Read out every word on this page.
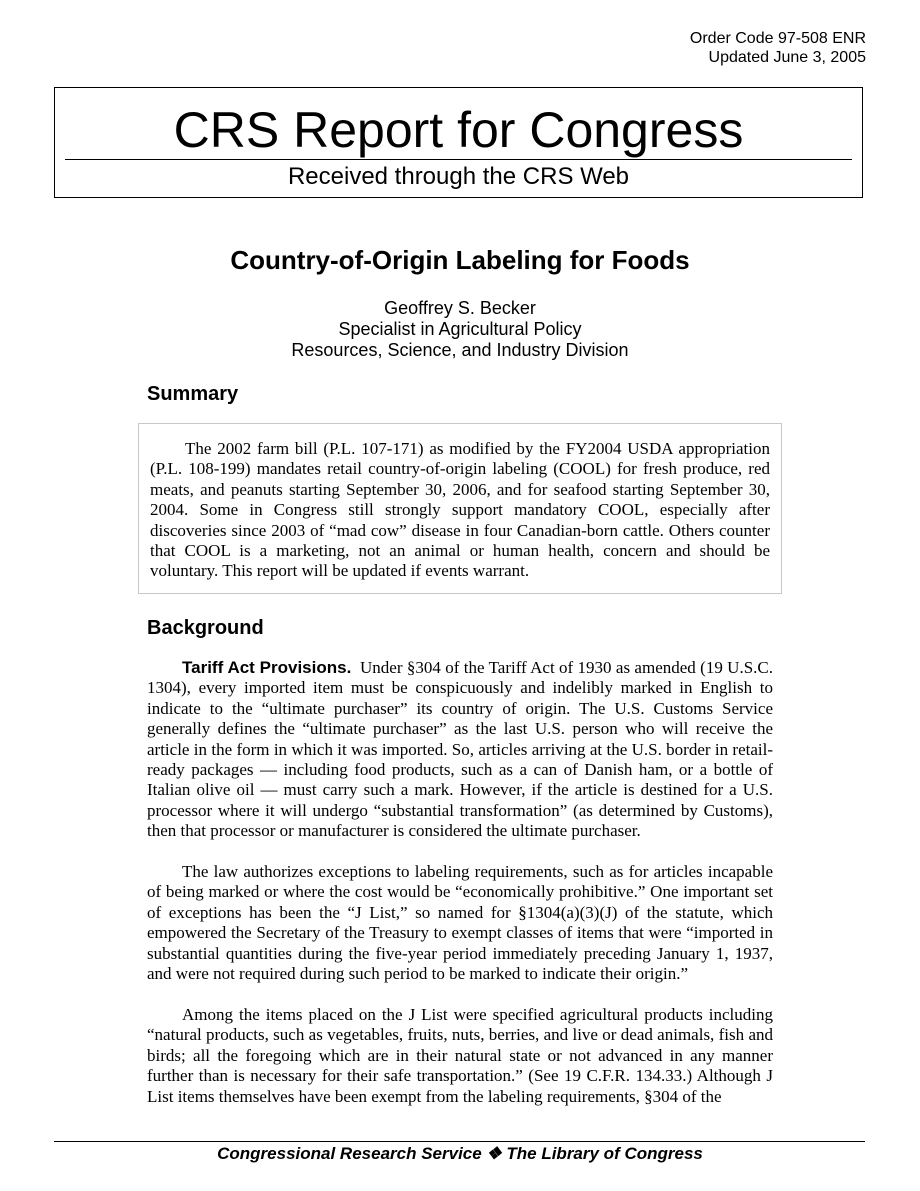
Order Code 97-508 ENR
Updated June 3, 2005
CRS Report for Congress
Received through the CRS Web
Country-of-Origin Labeling for Foods
Geoffrey S. Becker
Specialist in Agricultural Policy
Resources, Science, and Industry Division
Summary

The 2002 farm bill (P.L. 107-171) as modified by the FY2004 USDA appropriation (P.L. 108-199) mandates retail country-of-origin labeling (COOL) for fresh produce, red meats, and peanuts starting September 30, 2006, and for seafood starting September 30, 2004. Some in Congress still strongly support mandatory COOL, especially after discoveries since 2003 of “mad cow” disease in four Canadian-born cattle. Others counter that COOL is a marketing, not an animal or human health, concern and should be voluntary. This report will be updated if events warrant.

Background

Tariff Act Provisions. Under §304 of the Tariff Act of 1930 as amended (19 U.S.C. 1304), every imported item must be conspicuously and indelibly marked in English to indicate to the “ultimate purchaser” its country of origin. The U.S. Customs Service generally defines the “ultimate purchaser” as the last U.S. person who will receive the article in the form in which it was imported. So, articles arriving at the U.S. border in retail-ready packages — including food products, such as a can of Danish ham, or a bottle of Italian olive oil — must carry such a mark. However, if the article is destined for a U.S. processor where it will undergo “substantial transformation” (as determined by Customs), then that processor or manufacturer is considered the ultimate purchaser.

The law authorizes exceptions to labeling requirements, such as for articles incapable of being marked or where the cost would be “economically prohibitive.” One important set of exceptions has been the “J List,” so named for §1304(a)(3)(J) of the statute, which empowered the Secretary of the Treasury to exempt classes of items that were “imported in substantial quantities during the five-year period immediately preceding January 1, 1937, and were not required during such period to be marked to indicate their origin.”

Among the items placed on the J List were specified agricultural products including “natural products, such as vegetables, fruits, nuts, berries, and live or dead animals, fish and birds; all the foregoing which are in their natural state or not advanced in any manner further than is necessary for their safe transportation.” (See 19 C.F.R. 134.33.) Although J List items themselves have been exempt from the labeling requirements, §304 of the

Congressional Research Service ❖ The Library of Congress
